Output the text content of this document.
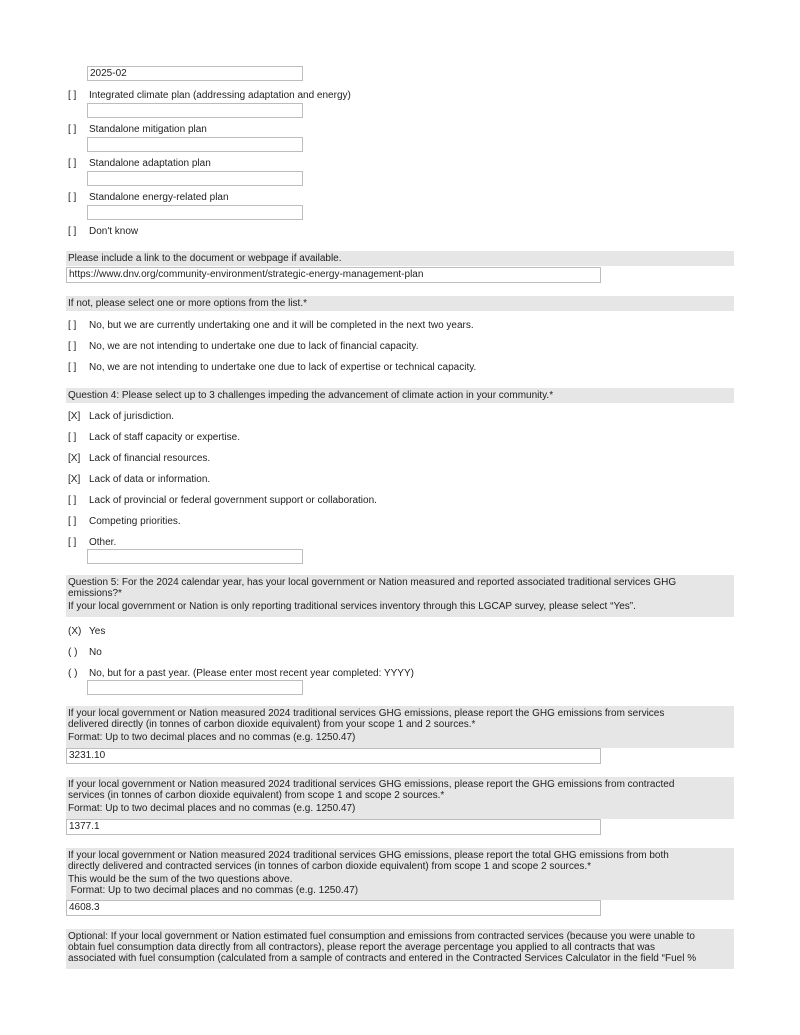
2025-02
[ ]	Integrated climate plan (addressing adaptation and energy)
[ ]	Standalone mitigation plan
[ ]	Standalone adaptation plan
[ ]	Standalone energy-related plan
[ ]	Don't know
Please include a link to the document or webpage if available.
https://www.dnv.org/community-environment/strategic-energy-management-plan
If not, please select one or more options from the list.*
[ ]	No, but we are currently undertaking one and it will be completed in the next two years.
[ ]	No, we are not intending to undertake one due to lack of financial capacity.
[ ]	No, we are not intending to undertake one due to lack of expertise or technical capacity.
Question 4: Please select up to 3 challenges impeding the advancement of climate action in your community.*
[X] Lack of jurisdiction.
[ ]	Lack of staff capacity or expertise.
[X] Lack of financial resources.
[X] Lack of data or information.
[ ]	Lack of provincial or federal government support or collaboration.
[ ]	Competing priorities.
[ ]	Other.
Question 5: For the 2024 calendar year, has your local government or Nation measured and reported associated traditional services GHG
emissions?*
If your local government or Nation is only reporting traditional services inventory through this LGCAP survey, please select “Yes”.
(X) Yes
( )	No
( )	No, but for a past year. (Please enter most recent year completed: YYYY)
If your local government or Nation measured 2024 traditional services GHG emissions, please report the GHG emissions from services
delivered directly (in tonnes of carbon dioxide equivalent) from your scope 1 and 2 sources.*
Format: Up to two decimal places and no commas (e.g. 1250.47)
3231.10
If your local government or Nation measured 2024 traditional services GHG emissions, please report the GHG emissions from contracted
services (in tonnes of carbon dioxide equivalent) from scope 1 and scope 2 sources.*
Format: Up to two decimal places and no commas (e.g. 1250.47)
1377.1
If your local government or Nation measured 2024 traditional services GHG emissions, please report the total GHG emissions from both
directly delivered and contracted services (in tonnes of carbon dioxide equivalent) from scope 1 and scope 2 sources.*
This would be the sum of the two questions above.
Format: Up to two decimal places and no commas (e.g. 1250.47)
4608.3
Optional: If your local government or Nation estimated fuel consumption and emissions from contracted services (because you were unable to
obtain fuel consumption data directly from all contractors), please report the average percentage you applied to all contracts that was
associated with fuel consumption (calculated from a sample of contracts and entered in the Contracted Services Calculator in the field “Fuel %
